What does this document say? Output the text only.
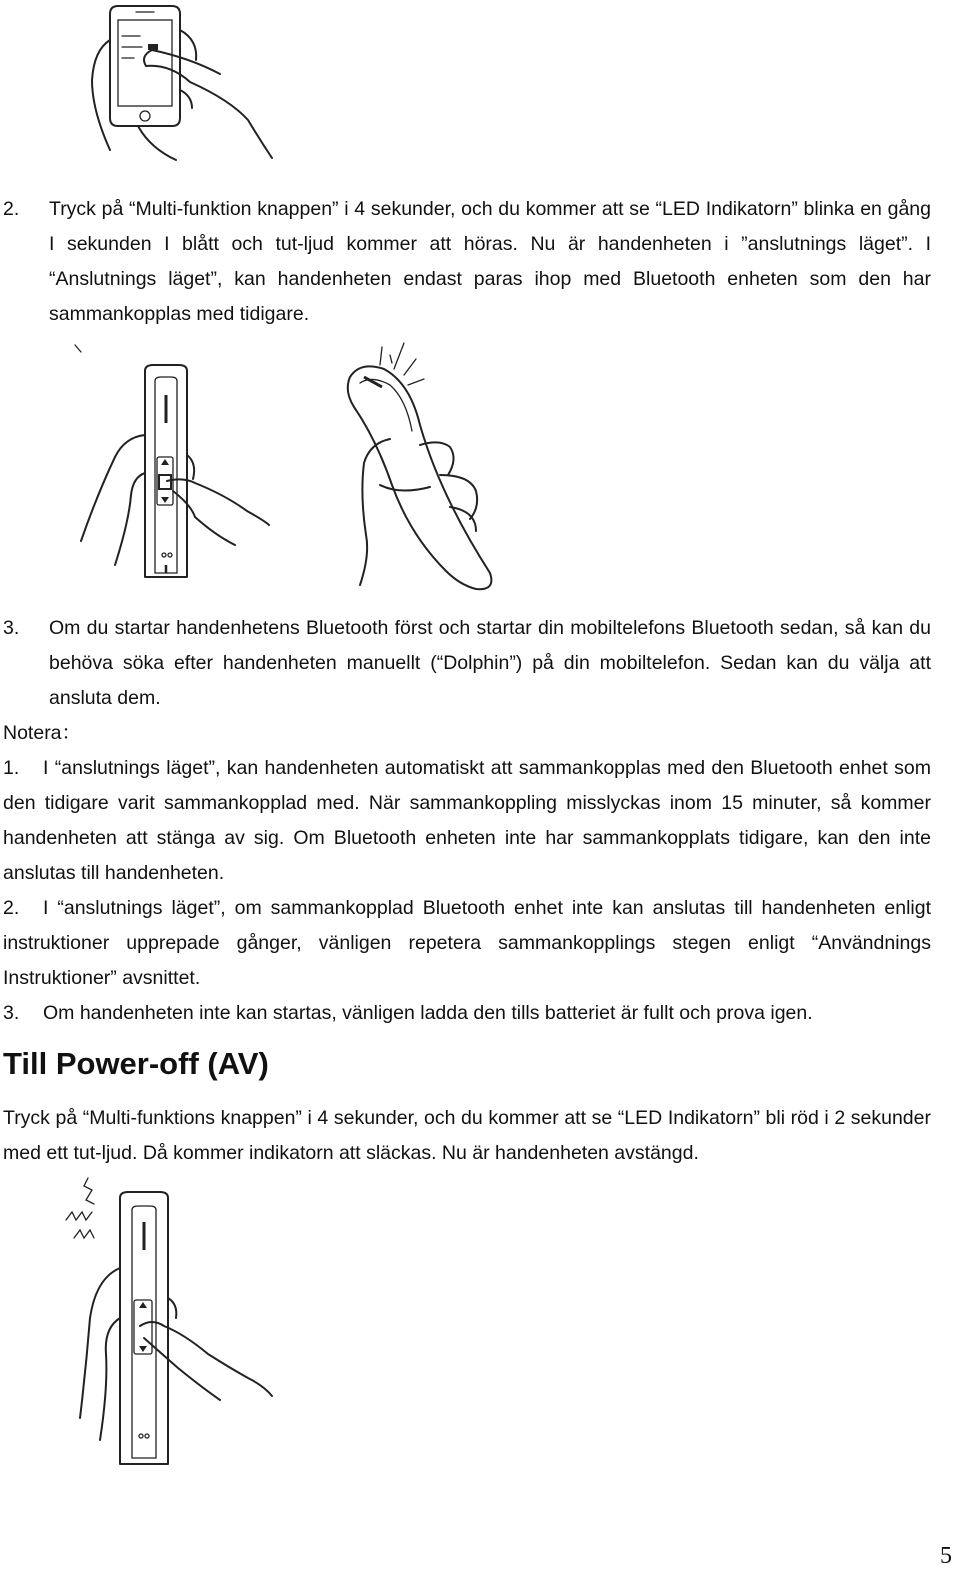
2. Tryck på “Multi-funktion knappen” i 4 sekunder, och du kommer att se “LED Indikatorn” blinka en gång I sekunden I blått och tut-ljud kommer att höras. Nu är handenheten i ”anslutnings läget”. I “Anslutnings läget”, kan handenheten endast paras ihop med Bluetooth enheten som den har sammankopplas med tidigare.
3. Om du startar handenhetens Bluetooth först och startar din mobiltelefons Bluetooth sedan, så kan du behöva söka efter handenheten manuellt (“Dolphin”) på din mobiltelefon. Sedan kan du välja att ansluta dem.
Notera：
1. I “anslutnings läget”, kan handenheten automatiskt att sammankopplas med den Bluetooth enhet som den tidigare varit sammankopplad med. När sammankoppling misslyckas inom 15 minuter, så kommer handenheten att stänga av sig. Om Bluetooth enheten inte har sammankopplats tidigare, kan den inte anslutas till handenheten.
2. I “anslutnings läget”, om sammankopplad Bluetooth enhet inte kan anslutas till handenheten enligt instruktioner upprepade gånger, vänligen repetera sammankopplings stegen enligt “Användnings Instruktioner” avsnittet.
3. Om handenheten inte kan startas, vänligen ladda den tills batteriet är fullt och prova igen.
Till Power-off (AV)
Tryck på “Multi-funktions knappen” i 4 sekunder, och du kommer att se “LED Indikatorn” bli röd i 2 sekunder med ett tut-ljud. Då kommer indikatorn att släckas. Nu är handenheten avstängd.
5
